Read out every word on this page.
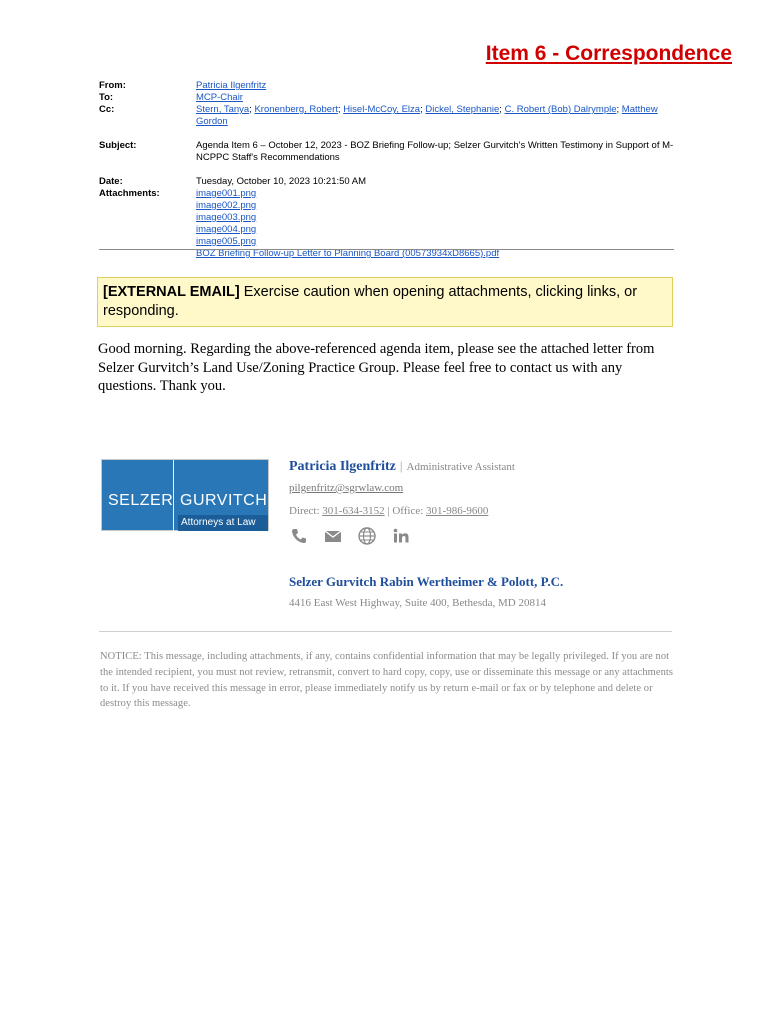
Item 6 - Correspondence
From:	Patricia Ilgenfritz
To:	MCP-Chair
Cc:	Stern, Tanya; Kronenberg, Robert; Hisel-McCoy, Elza; Dickel, Stephanie; C. Robert (Bob) Dalrymple; Matthew Gordon
Subject:	Agenda Item 6 – October 12, 2023 - BOZ Briefing Follow-up; Selzer Gurvitch's Written Testimony in Support of M-NCPPC Staff's Recommendations
Date:	Tuesday, October 10, 2023 10:21:50 AM
Attachments:	image001.png
image002.png
image003.png
image004.png
image005.png
BOZ Briefing Follow-up Letter to Planning Board (00573934xD8665).pdf
[EXTERNAL EMAIL] Exercise caution when opening attachments, clicking links, or responding.
Good morning. Regarding the above-referenced agenda item, please see the attached letter from Selzer Gurvitch’s Land Use/Zoning Practice Group. Please feel free to contact us with any questions. Thank you.
SELZER GURVITCH
Attorneys at Law
Patricia Ilgenfritz | Administrative Assistant
pilgenfritz@sgrwlaw.com
Direct: 301-634-3152 | Office: 301-986-9600
Selzer Gurvitch Rabin Wertheimer & Polott, P.C.
4416 East West Highway, Suite 400, Bethesda, MD 20814
NOTICE: This message, including attachments, if any, contains confidential information that may be legally privileged. If you are not the intended recipient, you must not review, retransmit, convert to hard copy, copy, use or disseminate this message or any attachments to it. If you have received this message in error, please immediately notify us by return e-mail or fax or by telephone and delete or destroy this message.
